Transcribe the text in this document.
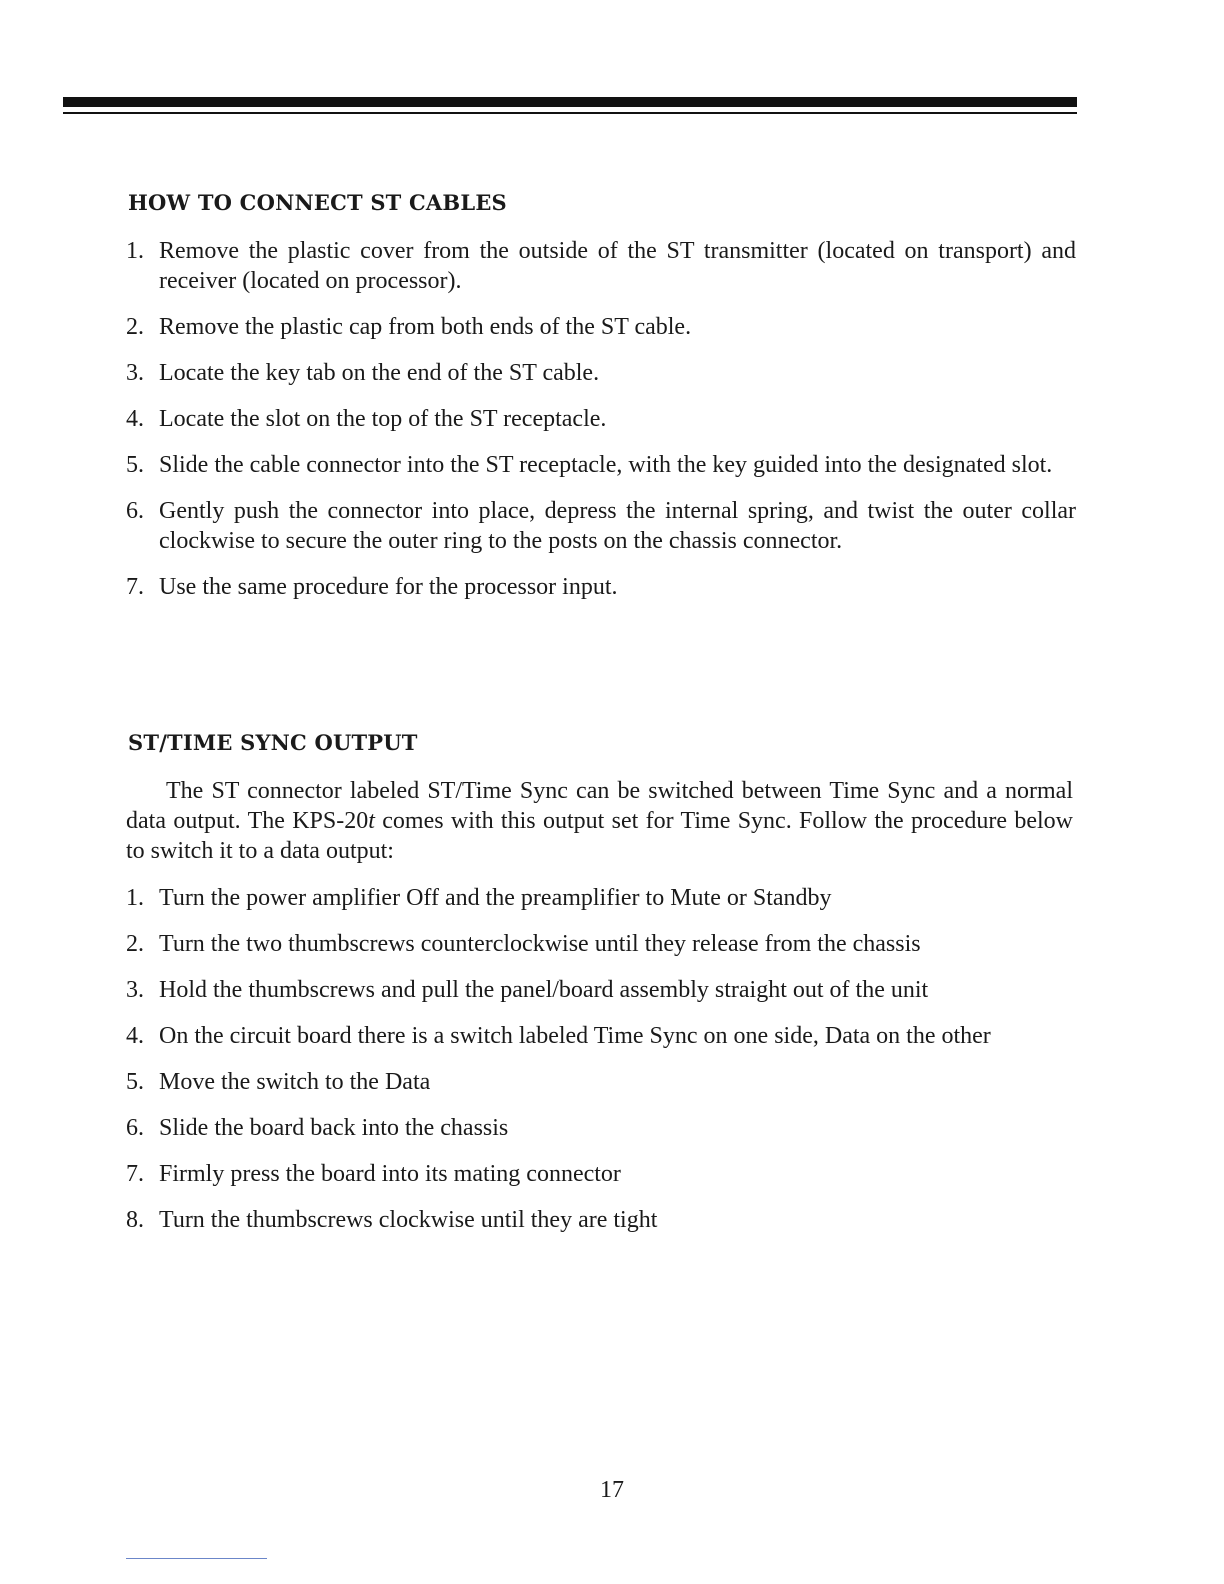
HOW TO CONNECT ST CABLES
1. Remove the plastic cover from the outside of the ST transmitter (located on transport) and receiver (located on processor).
2. Remove the plastic cap from both ends of the ST cable.
3. Locate the key tab on the end of the ST cable.
4. Locate the slot on the top of the ST receptacle.
5. Slide the cable connector into the ST receptacle, with the key guided into the designated slot.
6. Gently push the connector into place, depress the internal spring, and twist the outer collar clockwise to secure the outer ring to the posts on the chassis connector.
7. Use the same procedure for the processor input.
ST/TIME SYNC OUTPUT

The ST connector labeled ST/Time Sync can be switched between Time Sync and a normal data output. The KPS-20t comes with this output set for Time Sync. Follow the procedure below to switch it to a data output:

1. Turn the power amplifier Off and the preamplifier to Mute or Standby
2. Turn the two thumbscrews counterclockwise until they release from the chassis
3. Hold the thumbscrews and pull the panel/board assembly straight out of the unit
4. On the circuit board there is a switch labeled Time Sync on one side, Data on the other
5. Move the switch to the Data
6. Slide the board back into the chassis
7. Firmly press the board into its mating connector
8. Turn the thumbscrews clockwise until they are tight
17
